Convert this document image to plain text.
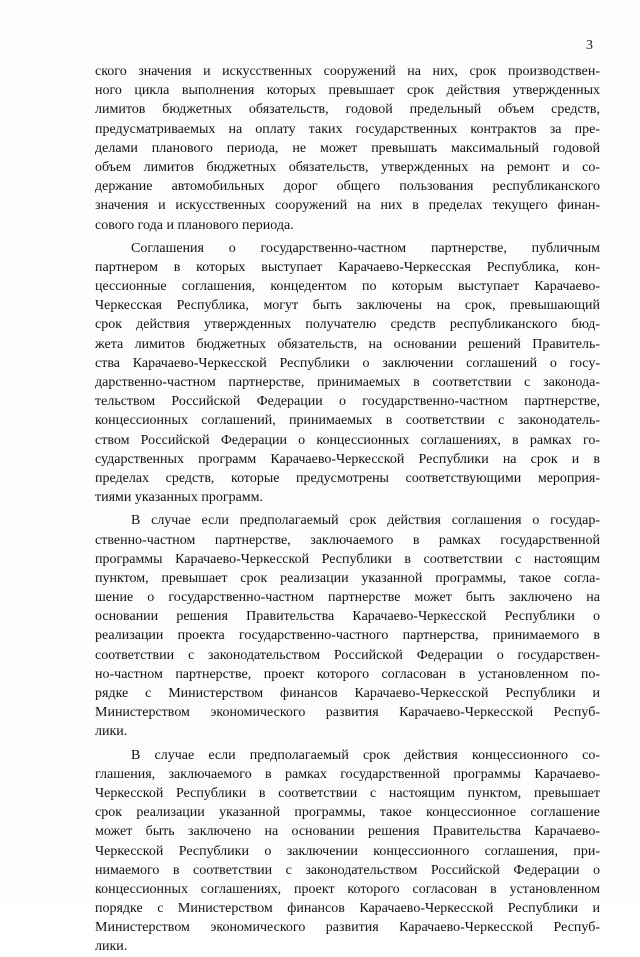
3
ского значения и искусственных сооружений на них, срок производствен-
ного цикла выполнения которых превышает срок действия утвержденных
лимитов бюджетных обязательств, годовой предельный объем средств,
предусматриваемых на оплату таких государственных контрактов за пре-
делами планового периода, не может превышать максимальный годовой
объем лимитов бюджетных обязательств, утвержденных на ремонт и со-
держание автомобильных дорог общего пользования республиканского
значения и искусственных сооружений на них в пределах текущего финан-
сового года и планового периода.
Соглашения о государственно-частном партнерстве, публичным
партнером в которых выступает Карачаево-Черкесская Республика, кон-
цессионные соглашения, концедентом по которым выступает Карачаево-
Черкесская Республика, могут быть заключены на срок, превышающий
срок действия утвержденных получателю средств республиканского бюд-
жета лимитов бюджетных обязательств, на основании решений Правитель-
ства Карачаево-Черкесской Республики о заключении соглашений о госу-
дарственно-частном партнерстве, принимаемых в соответствии с законода-
тельством Российской Федерации о государственно-частном партнерстве,
концессионных соглашений, принимаемых в соответствии с законодатель-
ством Российской Федерации о концессионных соглашениях, в рамках го-
сударственных программ Карачаево-Черкесской Республики на срок и в
пределах средств, которые предусмотрены соответствующими мероприя-
тиями указанных программ.
В случае если предполагаемый срок действия соглашения о государ-
ственно-частном партнерстве, заключаемого в рамках государственной
программы Карачаево-Черкесской Республики в соответствии с настоящим
пунктом, превышает срок реализации указанной программы, такое согла-
шение о государственно-частном партнерстве может быть заключено на
основании решения Правительства Карачаево-Черкесской Республики о
реализации проекта государственно-частного партнерства, принимаемого в
соответствии с законодательством Российской Федерации о государствен-
но-частном партнерстве, проект которого согласован в установленном по-
рядке с Министерством финансов Карачаево-Черкесской Республики и
Министерством экономического развития Карачаево-Черкесской Респуб-
лики.
В случае если предполагаемый срок действия концессионного со-
глашения, заключаемого в рамках государственной программы Карачаево-
Черкесской Республики в соответствии с настоящим пунктом, превышает
срок реализации указанной программы, такое концессионное соглашение
может быть заключено на основании решения Правительства Карачаево-
Черкесской Республики о заключении концессионного соглашения, при-
нимаемого в соответствии с законодательством Российской Федерации о
концессионных соглашениях, проект которого согласован в установленном
порядке с Министерством финансов Карачаево-Черкесской Республики и
Министерством экономического развития Карачаево-Черкесской Респуб-
лики.
